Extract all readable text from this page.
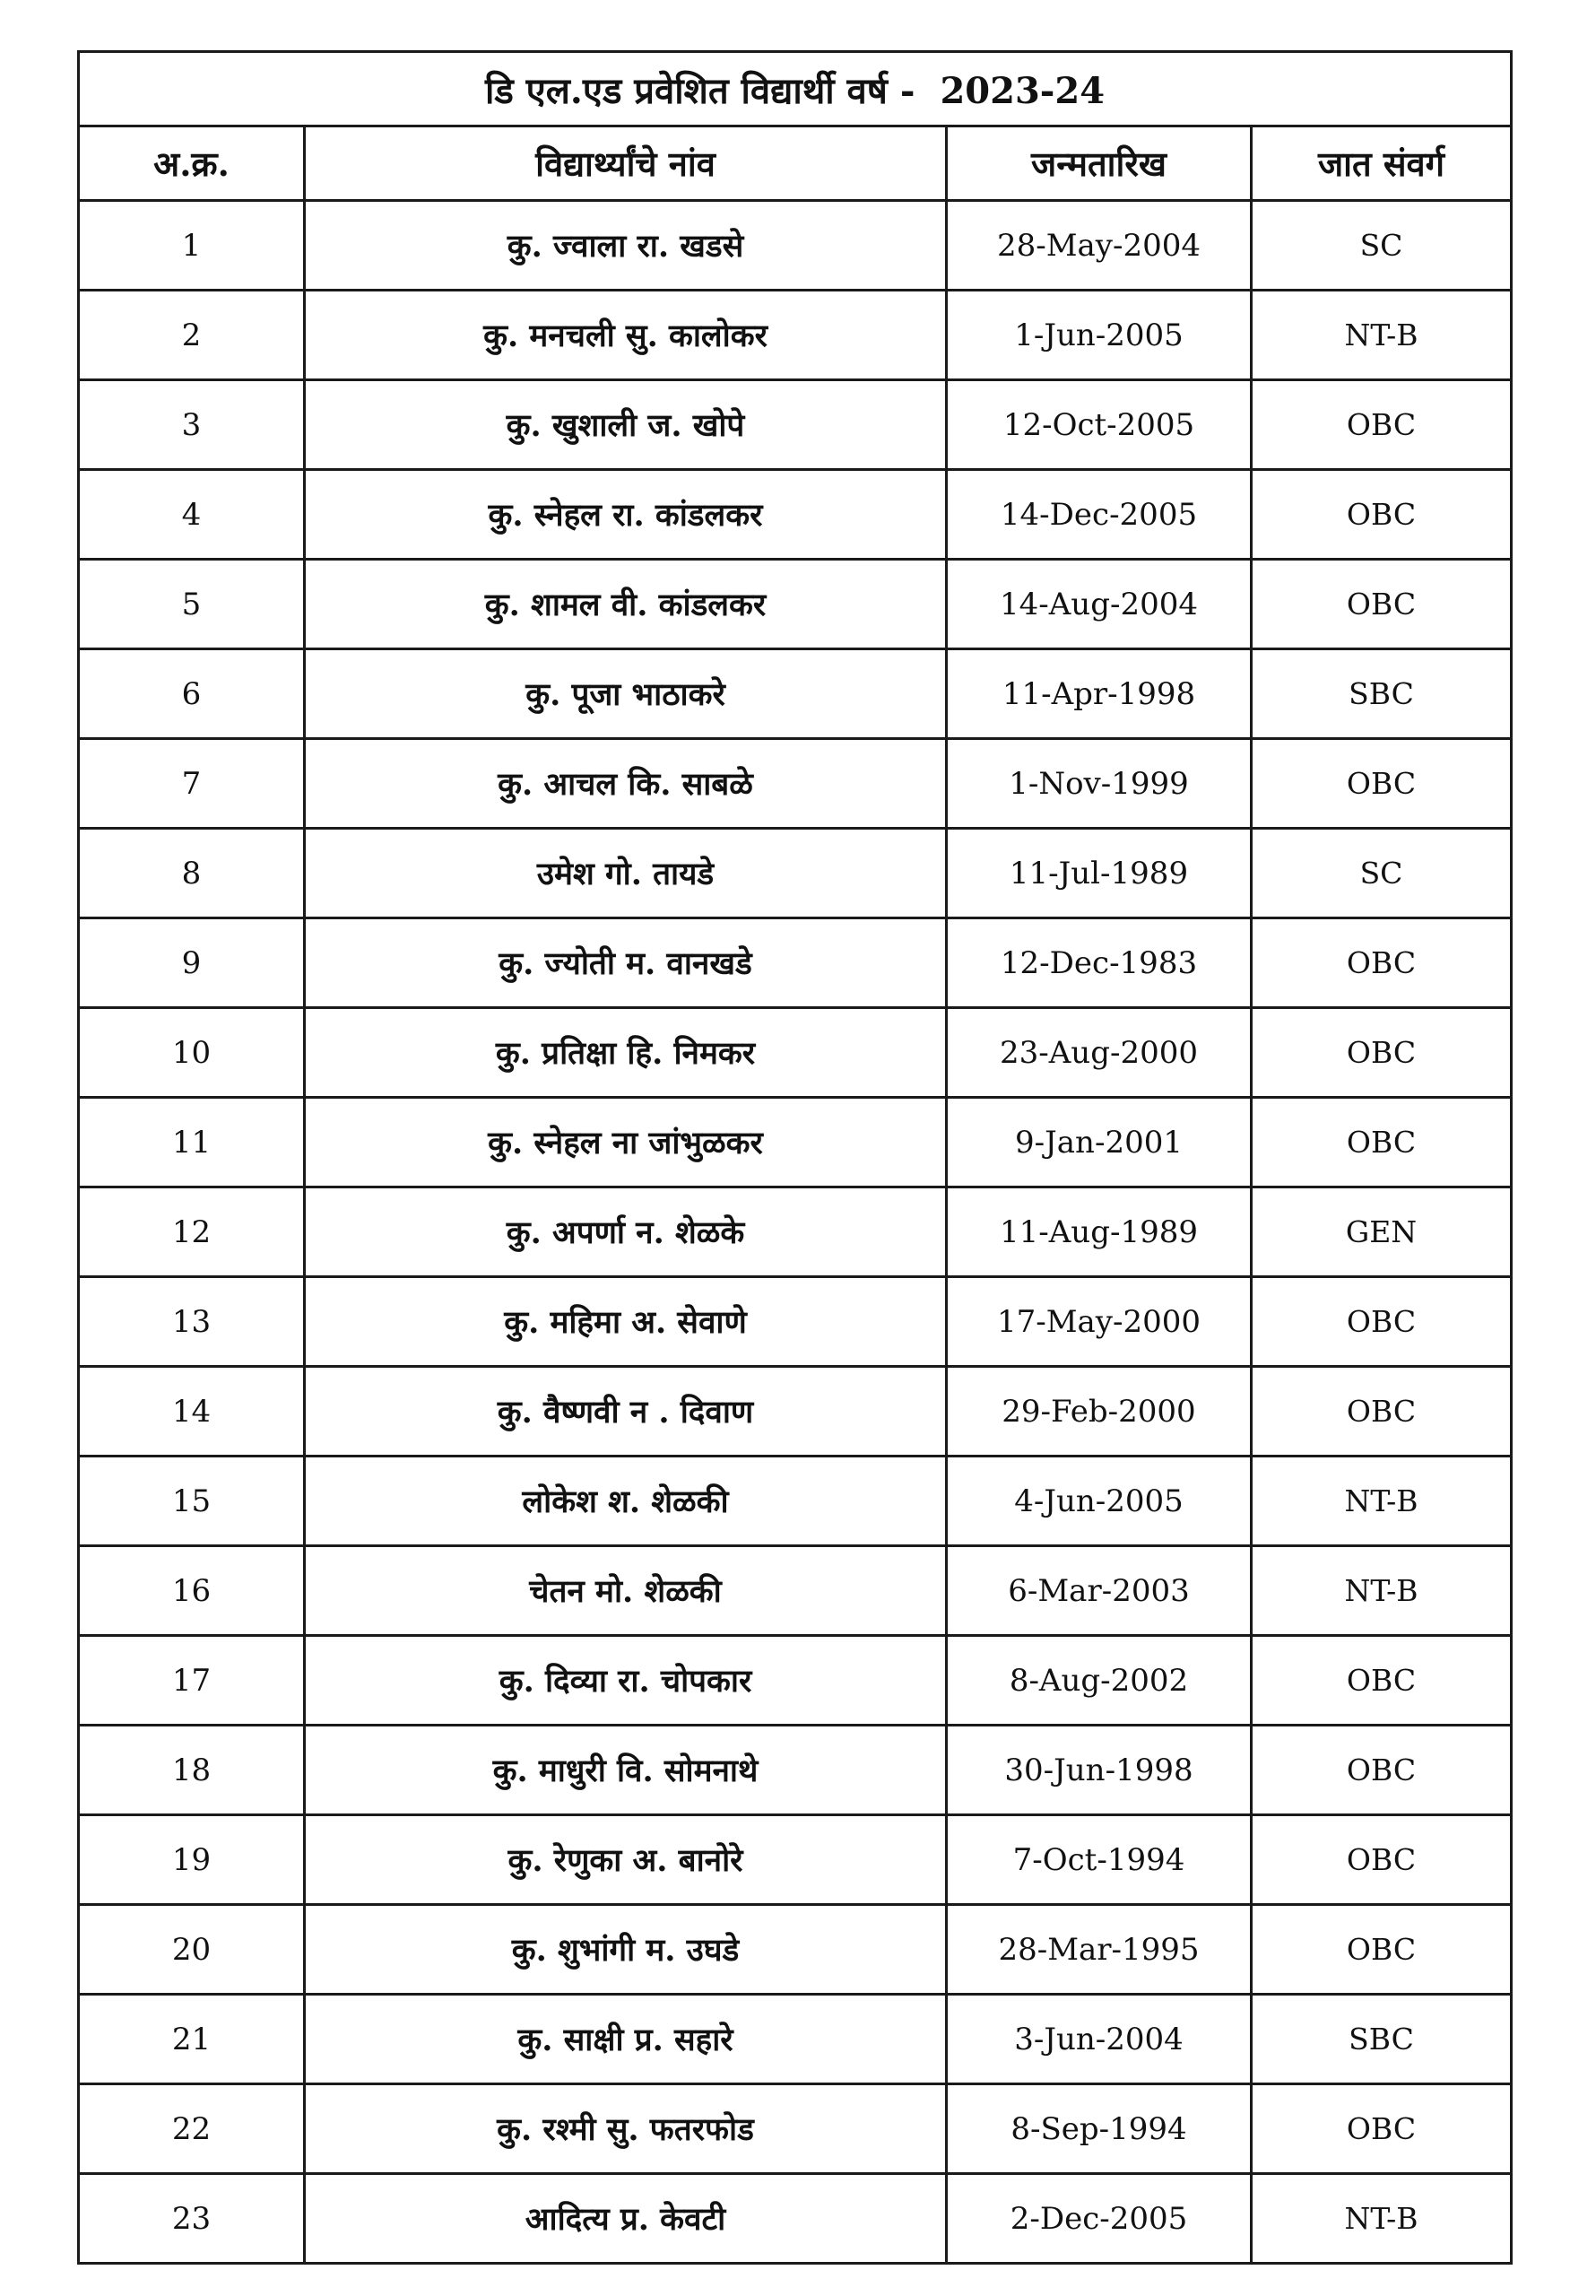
डि एल.एड प्रवेशित विद्यार्थी वर्ष - 2023-24			
अ.क्र.	विद्यार्थ्यांचे नांव	जन्मतारिख	जात संवर्ग
1	कु. ज्वाला रा. खडसे	28-May-2004	SC
2	कु. मनचली सु. कालोकर	1-Jun-2005	NT-B
3	कु. खुशाली ज. खोपे	12-Oct-2005	OBC
4	कु. स्नेहल रा. कांडलकर	14-Dec-2005	OBC
5	कु. शामल वी. कांडलकर	14-Aug-2004	OBC
6	कु. पूजा भाठाकरे	11-Apr-1998	SBC
7	कु. आचल कि. साबळे	1-Nov-1999	OBC
8	उमेश गो. तायडे	11-Jul-1989	SC
9	कु. ज्योती म. वानखडे	12-Dec-1983	OBC
10	कु. प्रतिक्षा हि. निमकर	23-Aug-2000	OBC
11	कु. स्नेहल ना जांभुळकर	9-Jan-2001	OBC
12	कु. अपर्णा न. शेळके	11-Aug-1989	GEN
13	कु. महिमा अ. सेवाणे	17-May-2000	OBC
14	कु. वैष्णवी न . दिवाण	29-Feb-2000	OBC
15	लोकेश श. शेळकी	4-Jun-2005	NT-B
16	चेतन मो. शेळकी	6-Mar-2003	NT-B
17	कु. दिव्या रा. चोपकार	8-Aug-2002	OBC
18	कु. माधुरी वि. सोमनाथे	30-Jun-1998	OBC
19	कु. रेणुका अ. बानोरे	7-Oct-1994	OBC
20	कु. शुभांगी म. उघडे	28-Mar-1995	OBC
21	कु. साक्षी प्र. सहारे	3-Jun-2004	SBC
22	कु. रश्मी सु. फतरफोड	8-Sep-1994	OBC
23	आदित्य प्र. केवटी	2-Dec-2005	NT-B
